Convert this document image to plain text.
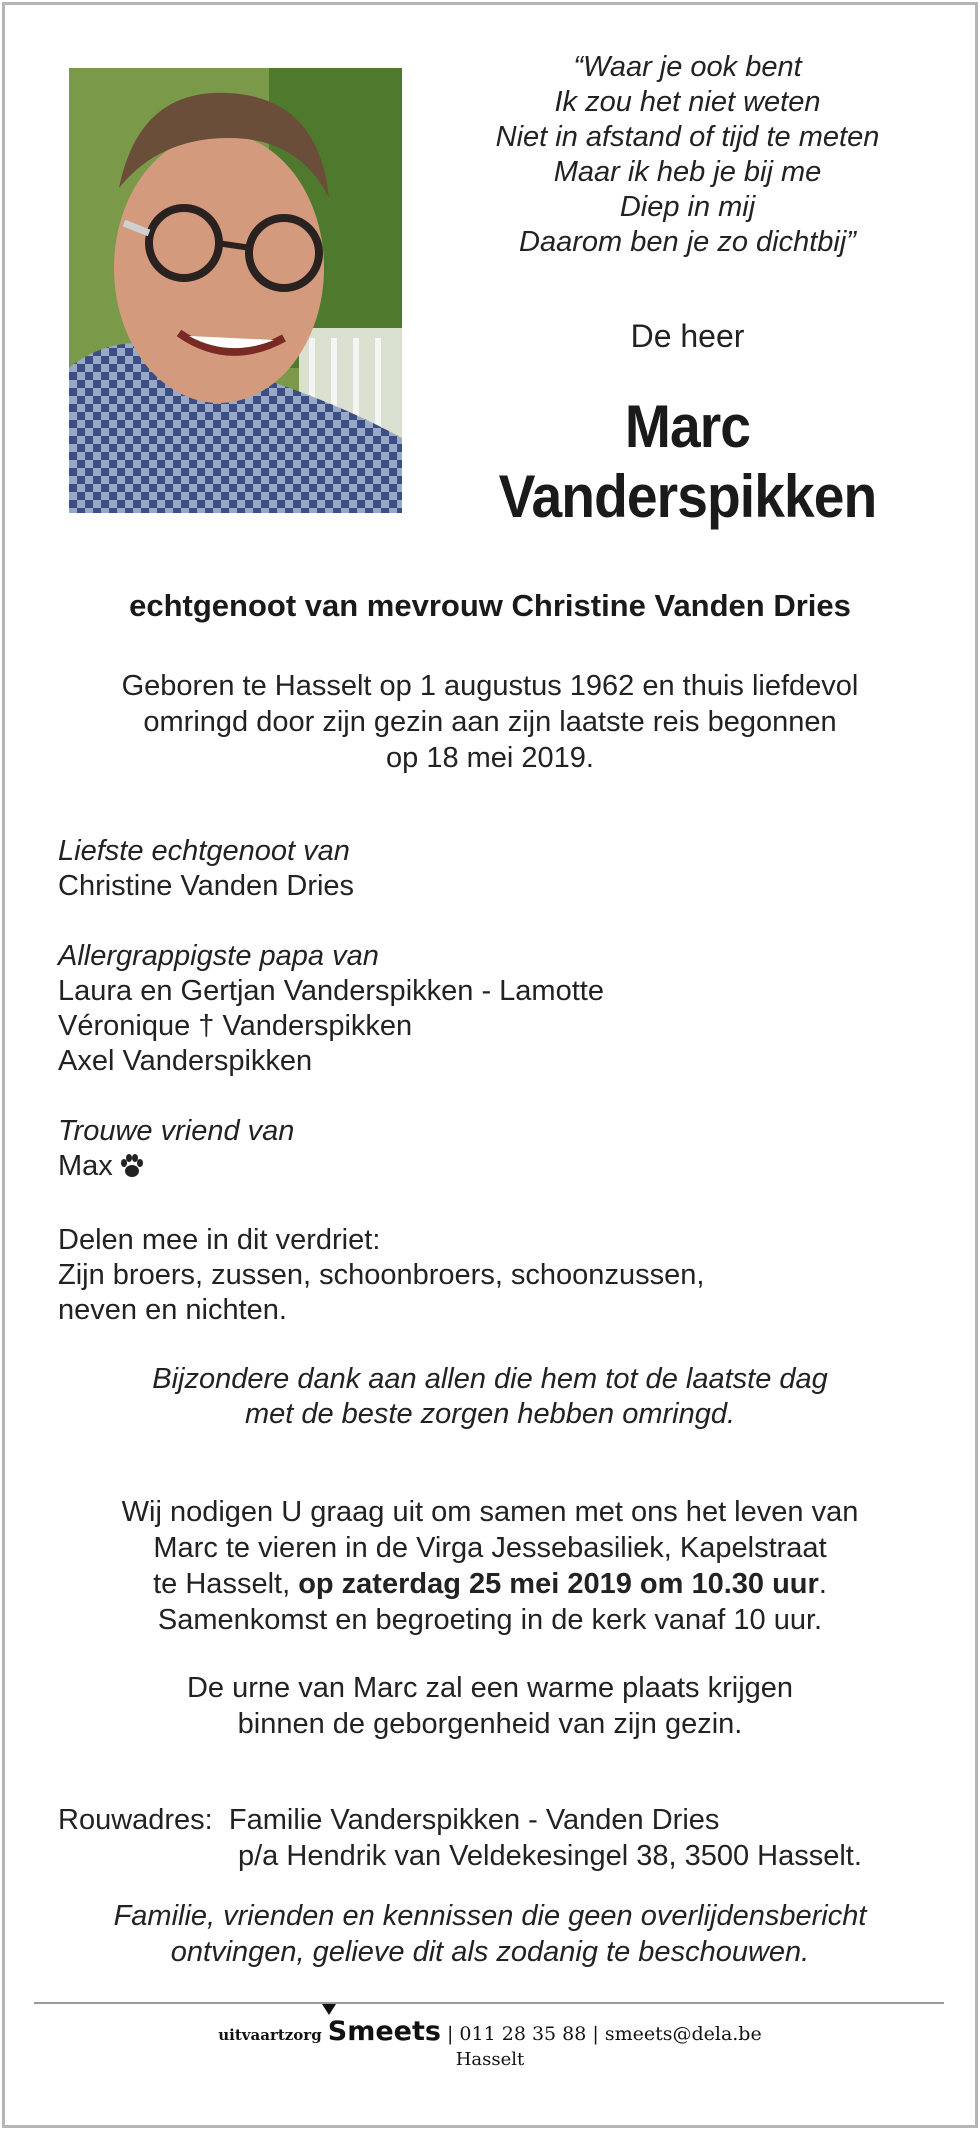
“Waar je ook bent
Ik zou het niet weten
Niet in afstand of tijd te meten
Maar ik heb je bij me
Diep in mij
Daarom ben je zo dichtbij”
De heer
Marc
Vanderspikken
echtgenoot van mevrouw Christine Vanden Dries
Geboren te Hasselt op 1 augustus 1962 en thuis liefdevol
omringd door zijn gezin aan zijn laatste reis begonnen
op 18 mei 2019.
Liefste echtgenoot van
Christine Vanden Dries
Allergrappigste papa van
Laura en Gertjan Vanderspikken - Lamotte
Véronique † Vanderspikken
Axel Vanderspikken
Trouwe vriend van
Max
Delen mee in dit verdriet:
Zijn broers, zussen, schoonbroers, schoonzussen,
neven en nichten.
Bijzondere dank aan allen die hem tot de laatste dag
met de beste zorgen hebben omringd.
Wij nodigen U graag uit om samen met ons het leven van
Marc te vieren in de Virga Jessebasiliek, Kapelstraat
te Hasselt, op zaterdag 25 mei 2019 om 10.30 uur.
Samenkomst en begroeting in de kerk vanaf 10 uur.
De urne van Marc zal een warme plaats krijgen
binnen de geborgenheid van zijn gezin.
Rouwadres: Familie Vanderspikken - Vanden Dries
p/a Hendrik van Veldekesingel 38, 3500 Hasselt.
Familie, vrienden en kennissen die geen overlijdensbericht
ontvingen, gelieve dit als zodanig te beschouwen.
uitvaartzorg Smeets | 011 28 35 88 | smeets@dela.be
Hasselt
